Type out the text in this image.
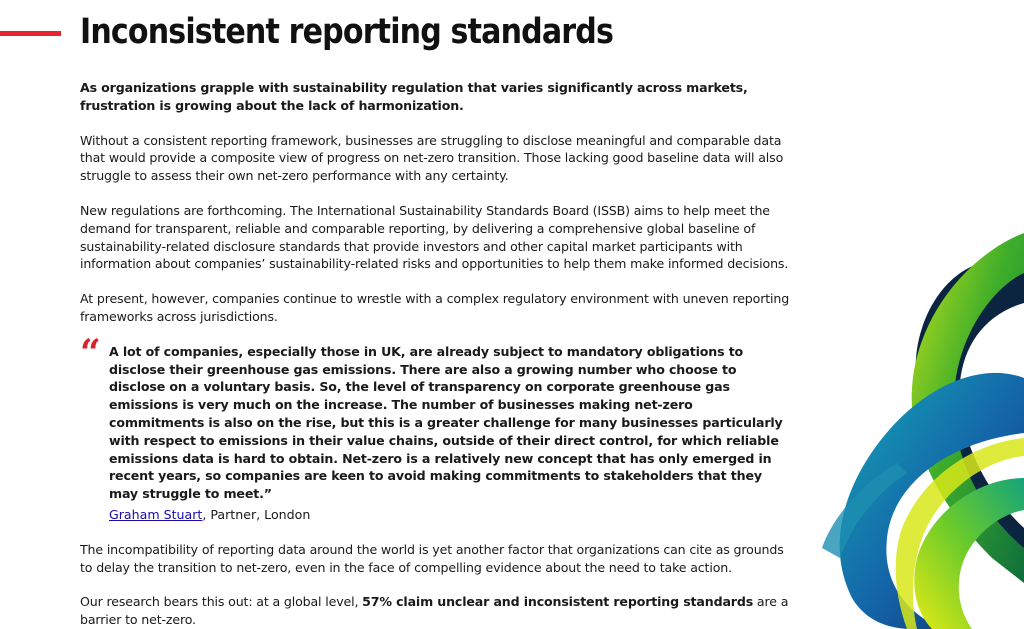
Inconsistent reporting standards

As organizations grapple with sustainability regulation that varies significantly across markets, frustration is growing about the lack of harmonization.

Without a consistent reporting framework, businesses are struggling to disclose meaningful and comparable data that would provide a composite view of progress on net-zero transition. Those lacking good baseline data will also struggle to assess their own net-zero performance with any certainty.

New regulations are forthcoming. The International Sustainability Standards Board (ISSB) aims to help meet the demand for transparent, reliable and comparable reporting, by delivering a comprehensive global baseline of sustainability-related disclosure standards that provide investors and other capital market participants with information about companies’ sustainability-related risks and opportunities to help them make informed decisions.

At present, however, companies continue to wrestle with a complex regulatory environment with uneven reporting frameworks across jurisdictions.

“ A lot of companies, especially those in UK, are already subject to mandatory obligations to disclose their greenhouse gas emissions. There are also a growing number who choose to disclose on a voluntary basis. So, the level of transparency on corporate greenhouse gas emissions is very much on the increase. The number of businesses making net-zero commitments is also on the rise, but this is a greater challenge for many businesses particularly with respect to emissions in their value chains, outside of their direct control, for which reliable emissions data is hard to obtain. Net-zero is a relatively new concept that has only emerged in recent years, so companies are keen to avoid making commitments to stakeholders that they may struggle to meet.”
Graham Stuart, Partner, London

The incompatibility of reporting data around the world is yet another factor that organizations can cite as grounds to delay the transition to net-zero, even in the face of compelling evidence about the need to take action.

Our research bears this out: at a global level, 57% claim unclear and inconsistent reporting standards are a barrier to net-zero.
